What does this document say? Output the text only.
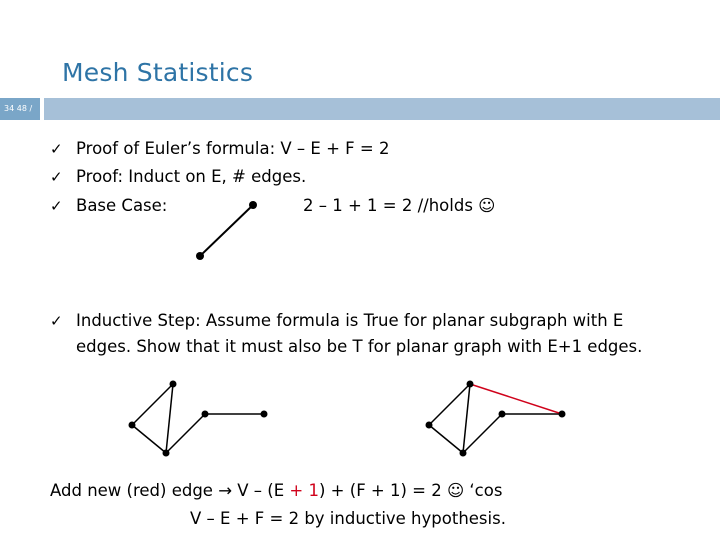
Mesh Statistics
34 48 /
✓ Proof of Euler’s formula: V – E + F = 2
✓ Proof: Induct on E, # edges.
✓ Base Case:	2 – 1 + 1 = 2 //holds ☺
✓ Inductive Step: Assume formula is True for planar subgraph with E
edges. Show that it must also be T for planar graph with E+1 edges.
Add new (red) edge → V – (E + 1) + (F + 1) = 2 ☺ ‘cos
V – E + F = 2 by inductive hypothesis.
